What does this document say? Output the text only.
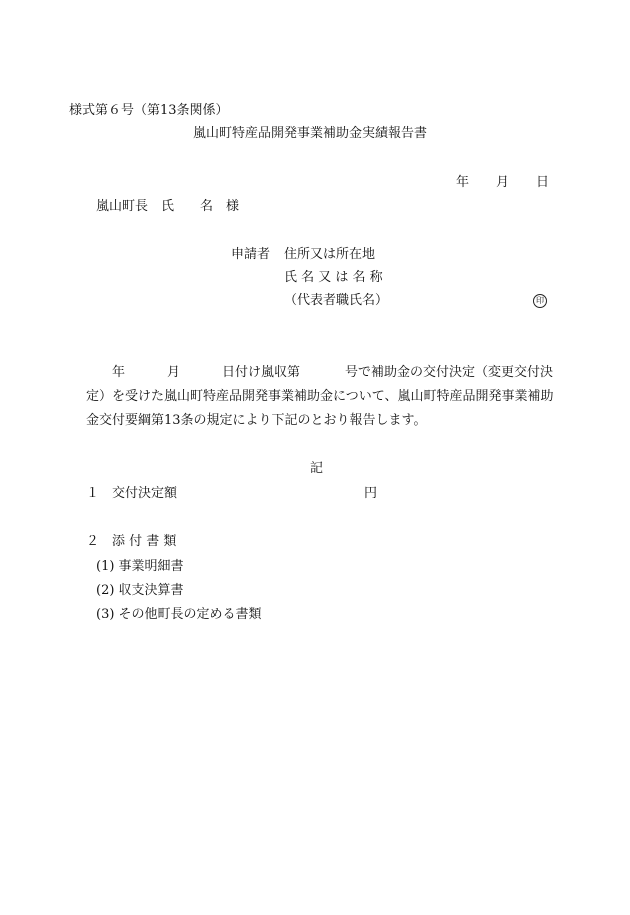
様式第６号（第13条関係）
嵐山町特産品開発事業補助金実績報告書
年 月 日
嵐山町長　氏　　名　様
申請者 住所又は所在地
氏 名 又 は 名 称
（代表者職氏名）	印
年	月	日付け嵐収第	号で補助金の交付決定（変更交付決
定）を受けた嵐山町特産品開発事業補助金について、嵐山町特産品開発事業補助
金交付要綱第13条の規定により下記のとおり報告します。
記
１ 交付決定額	円
２ 添 付 書 類
(1) 事業明細書
(2) 収支決算書
(3) その他町長の定める書類
